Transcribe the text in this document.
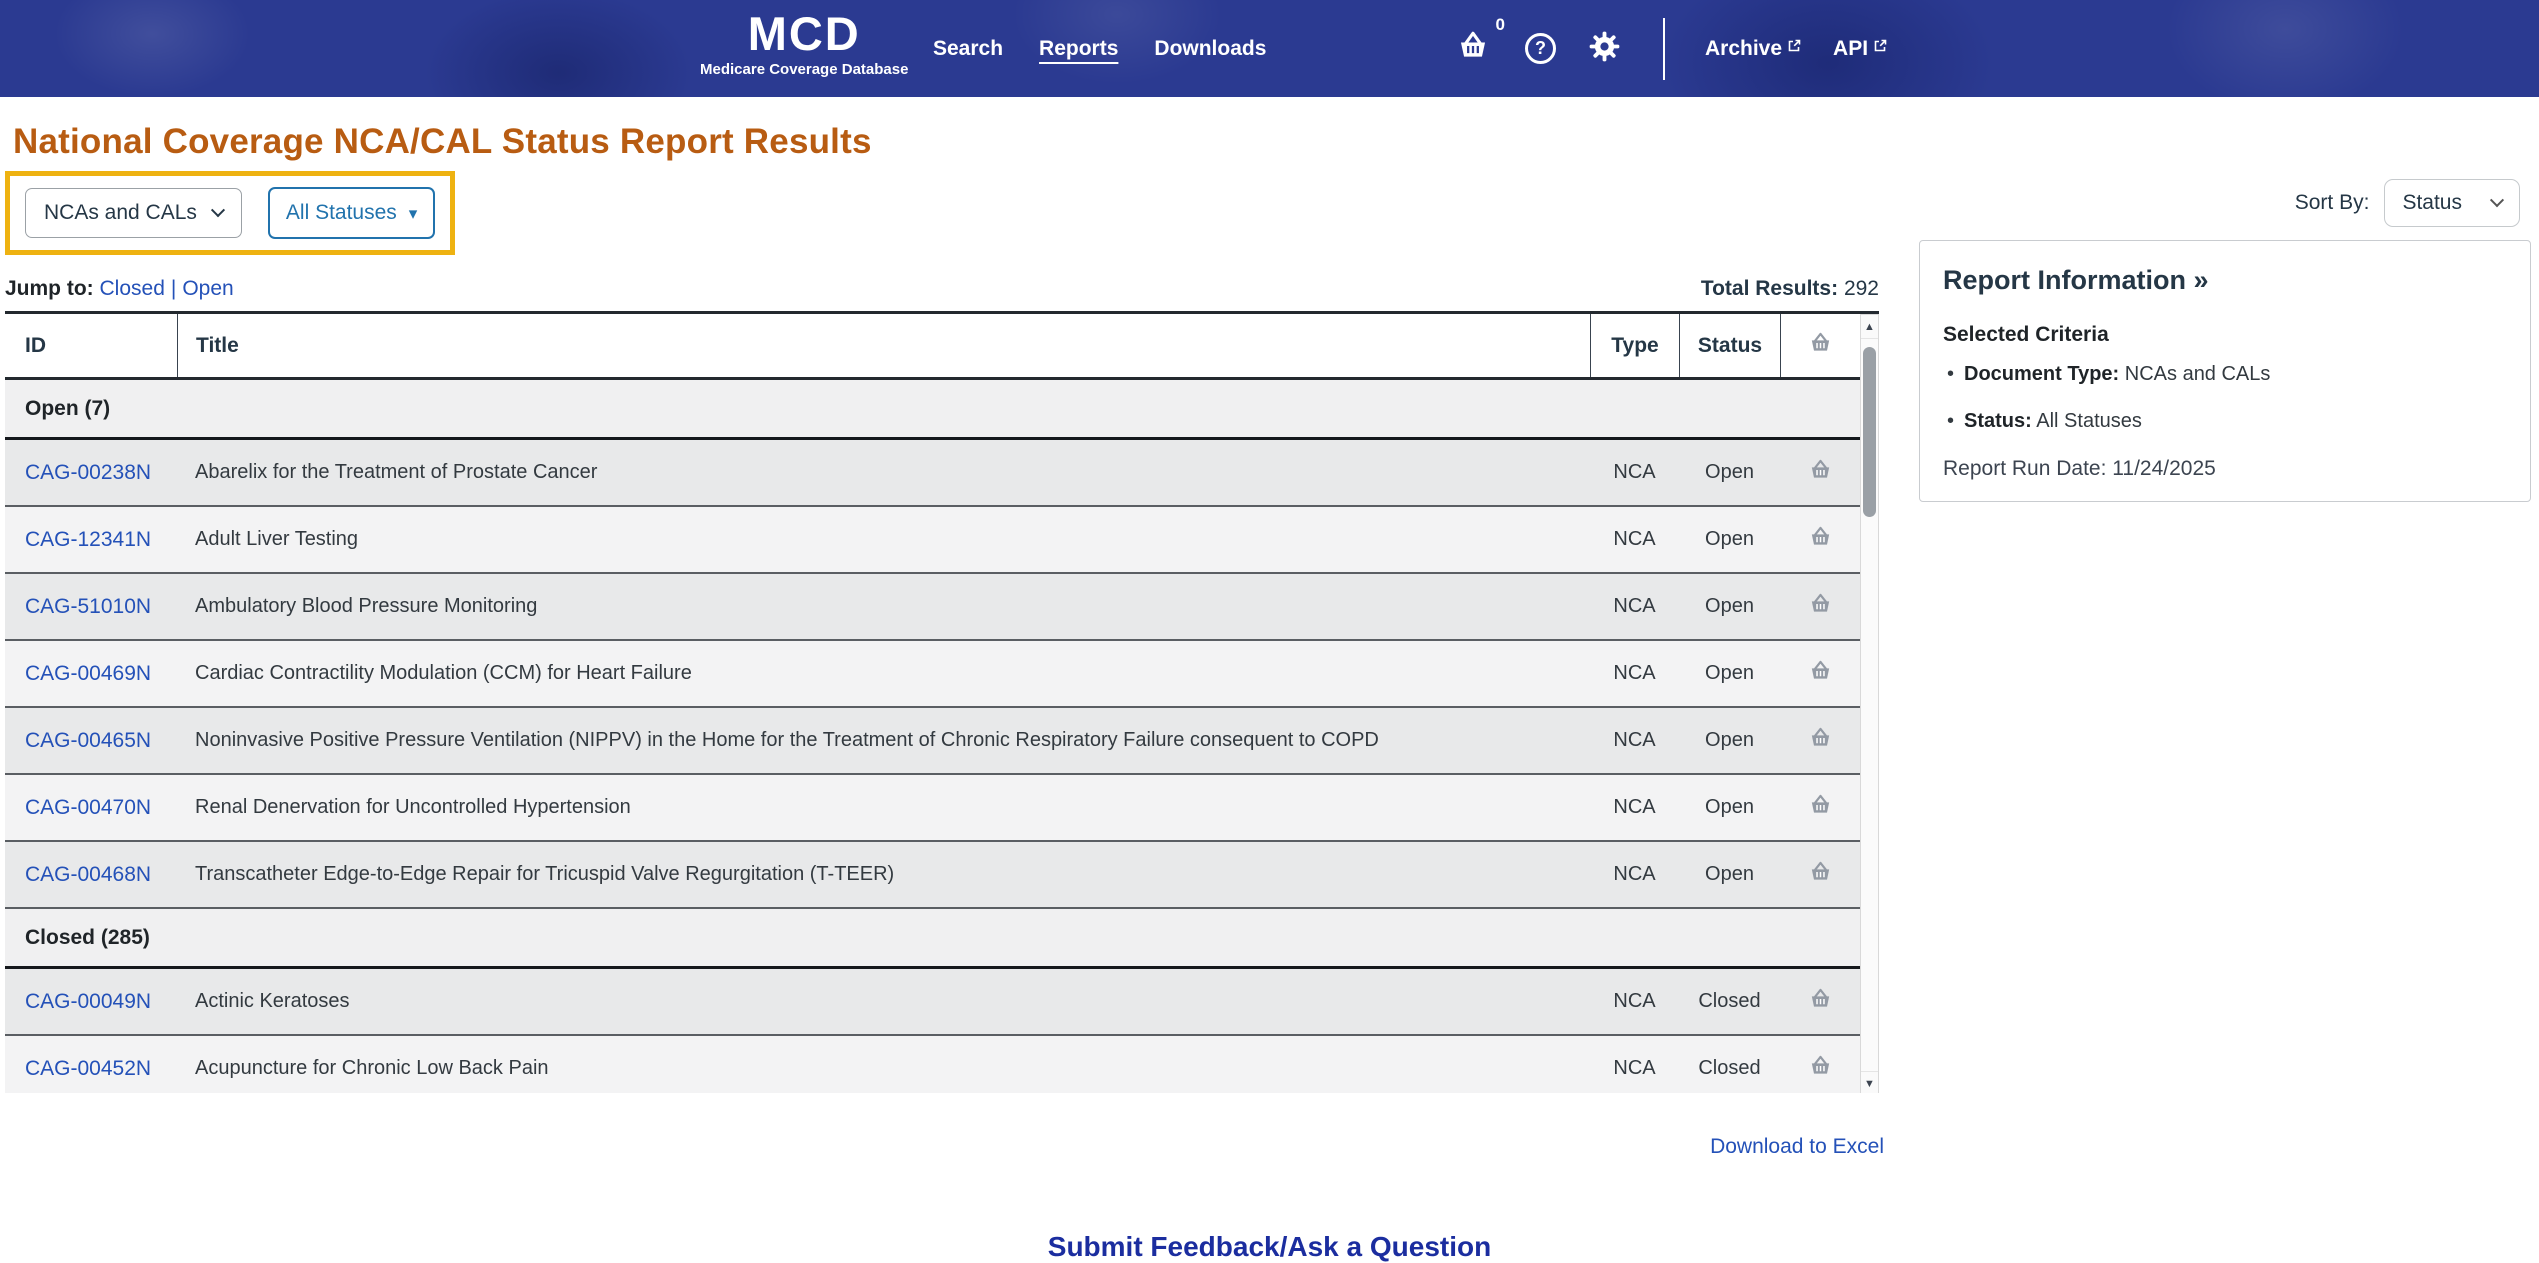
MCD
Medicare Coverage Database
Search Reports Downloads
0
?	Archive API
National Coverage NCA/CAL Status Report Results
NCAs and CALs	All Statuses ▾	Sort By: Status
Jump to: Closed | Open	Total Results: 292
ID	Title	Type	Status
Open (7)
CAG-00238N	Abarelix for the Treatment of Prostate Cancer	NCA	Open
CAG-12341N	Adult Liver Testing	NCA	Open
CAG-51010N	Ambulatory Blood Pressure Monitoring	NCA	Open
CAG-00469N	Cardiac Contractility Modulation (CCM) for Heart Failure	NCA	Open
CAG-00465N	Noninvasive Positive Pressure Ventilation (NIPPV) in the Home for the Treatment of Chronic Respiratory Failure consequent to COPD	NCA	Open
CAG-00470N	Renal Denervation for Uncontrolled Hypertension	NCA	Open
CAG-00468N	Transcatheter Edge-to-Edge Repair for Tricuspid Valve Regurgitation (T-TEER)	NCA	Open
Closed (285)
CAG-00049N	Actinic Keratoses	NCA	Closed
CAG-00452N	Acupuncture for Chronic Low Back Pain	NCA	Closed
▲
▼
Report Information »
Selected Criteria
• Document Type: NCAs and CALs
• Status: All Statuses
Report Run Date: 11/24/2025
Download to Excel
Submit Feedback/Ask a Question
